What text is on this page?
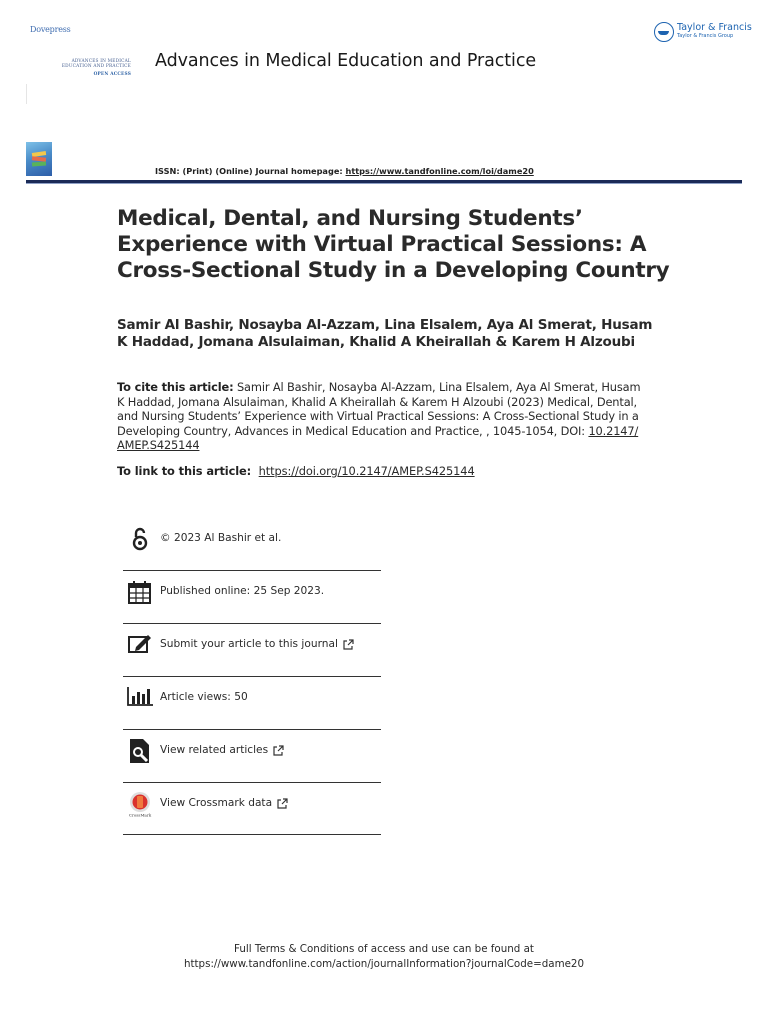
Dovepress	Taylor & Francis
Taylor & Francis Group
ADVANCES IN MEDICAL
EDUCATION AND PRACTICE
OPEN ACCESS
Advances in Medical Education and Practice
ISSN: (Print) (Online) Journal homepage: https://www.tandfonline.com/loi/dame20
Medical, Dental, and Nursing Students’ Experience with Virtual Practical Sessions: A Cross-Sectional Study in a Developing Country
Samir Al Bashir, Nosayba Al-Azzam, Lina Elsalem, Aya Al Smerat, Husam K Haddad, Jomana Alsulaiman, Khalid A Kheirallah & Karem H Alzoubi
To cite this article: Samir Al Bashir, Nosayba Al-Azzam, Lina Elsalem, Aya Al Smerat, Husam K Haddad, Jomana Alsulaiman, Khalid A Kheirallah & Karem H Alzoubi (2023) Medical, Dental, and Nursing Students’ Experience with Virtual Practical Sessions: A Cross-Sectional Study in a Developing Country, Advances in Medical Education and Practice, , 1045-1054, DOI: 10.2147/ AMEP.S425144
To link to this article: https://doi.org/10.2147/AMEP.S425144
© 2023 Al Bashir et al.
Published online: 25 Sep 2023.
Submit your article to this journal
Article views: 50
View related articles
CrossMark
View Crossmark data
Full Terms & Conditions of access and use can be found at
https://www.tandfonline.com/action/journalInformation?journalCode=dame20
